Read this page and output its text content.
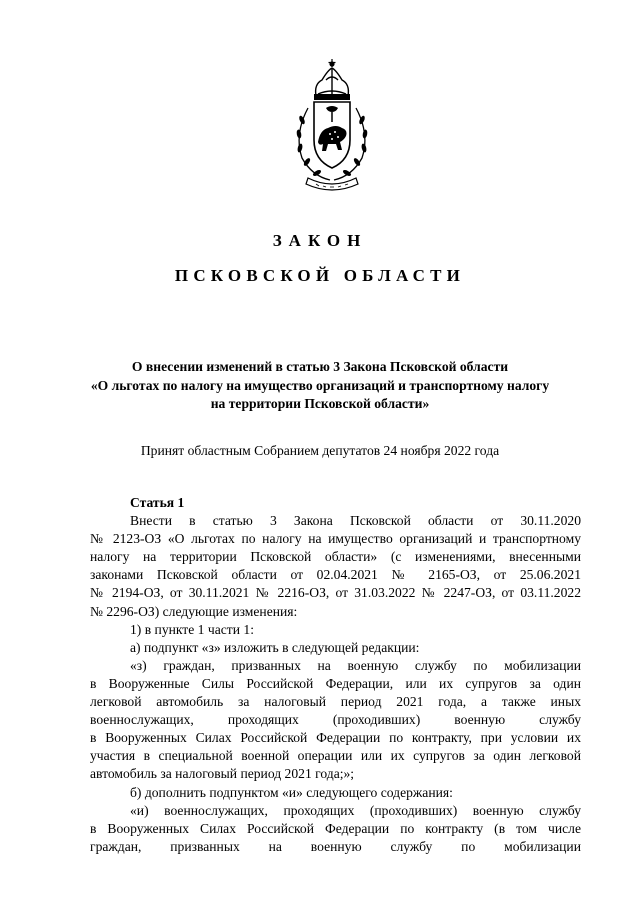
ЗАКОН
ПСКОВСКОЙ ОБЛАСТИ
О внесении изменений в статью 3 Закона Псковской области
«О льготах по налогу на имущество организаций и транспортному налогу
на территории Псковской области»
Принят областным Собранием депутатов 24 ноября 2022 года

Статья 1

Внести в статью 3 Закона Псковской области от 30.11.2020
№ 2123-ОЗ «О льготах по налогу на имущество организаций и транспортному
налогу на территории Псковской области» (с изменениями, внесенными
законами Псковской области от 02.04.2021 № 2165-ОЗ, от 25.06.2021
№ 2194-ОЗ, от 30.11.2021 № 2216-ОЗ, от 31.03.2022 № 2247-ОЗ, от 03.11.2022
№ 2296-ОЗ) следующие изменения:
1) в пункте 1 части 1:
а) подпункт «з» изложить в следующей редакции:
«з) граждан, призванных на военную службу по мобилизации
в Вооруженные Силы Российской Федерации, или их супругов за один
легковой автомобиль за налоговый период 2021 года, а также иных
военнослужащих, проходящих (проходивших) военную службу
в Вооруженных Силах Российской Федерации по контракту, при условии их
участия в специальной военной операции или их супругов за один легковой
автомобиль за налоговый период 2021 года;»;
б) дополнить подпунктом «и» следующего содержания:
«и) военнослужащих, проходящих (проходивших) военную службу
в Вооруженных Силах Российской Федерации по контракту (в том числе
граждан, призванных на военную службу по мобилизации
